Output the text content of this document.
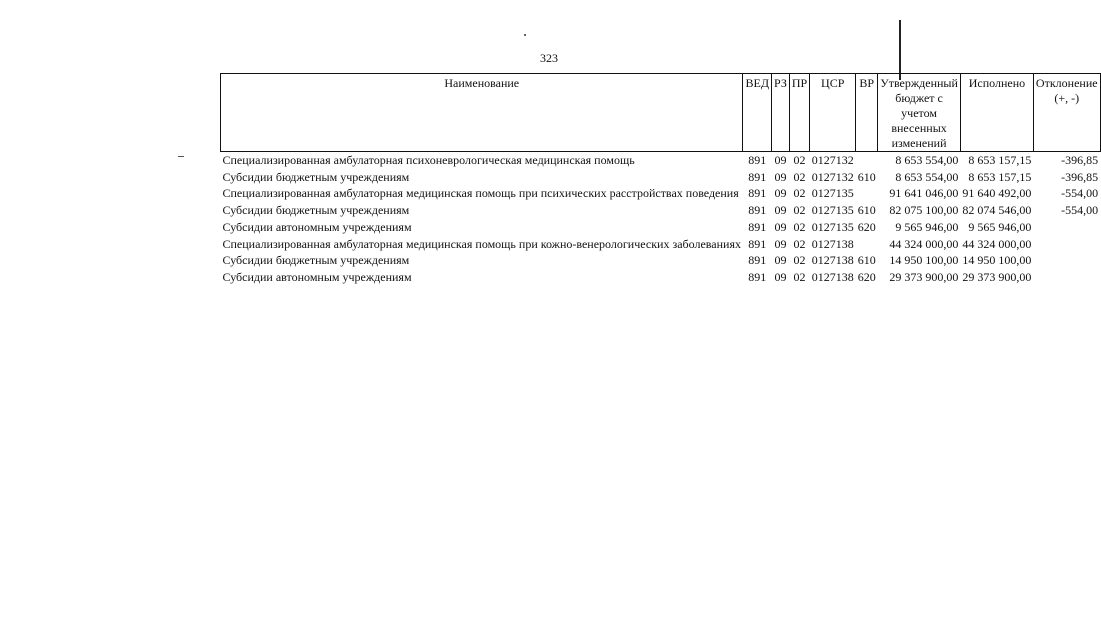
323
Наименование	ВЕД	РЗ	ПР	ЦСР	ВР	Утвержденный бюджет с учетом внесенных изменений	Исполнено	Отклонение (+, -)
Специализированная амбулаторная психоневрологическая медицинская помощь	891	09	02	0127132		8 653 554,00	8 653 157,15	-396,85
Субсидии бюджетным учреждениям	891	09	02	0127132	610	8 653 554,00	8 653 157,15	-396,85
Специализированная амбулаторная медицинская помощь при психических расстройствах поведения	891	09	02	0127135		91 641 046,00	91 640 492,00	-554,00
Субсидии бюджетным учреждениям	891	09	02	0127135	610	82 075 100,00	82 074 546,00	-554,00
Субсидии автономным учреждениям	891	09	02	0127135	620	9 565 946,00	9 565 946,00	
Специализированная амбулаторная медицинская помощь при кожно-венерологических заболеваниях	891	09	02	0127138		44 324 000,00	44 324 000,00	
Субсидии бюджетным учреждениям	891	09	02	0127138	610	14 950 100,00	14 950 100,00	
Субсидии автономным учреждениям	891	09	02	0127138	620	29 373 900,00	29 373 900,00	
